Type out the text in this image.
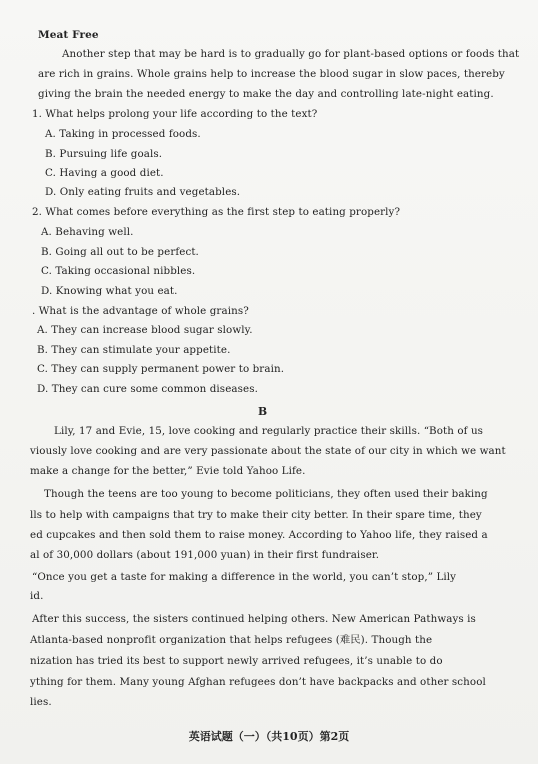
Meat Free
Another step that may be hard is to gradually go for plant-based options or foods that
are rich in grains. Whole grains help to increase the blood sugar in slow paces, thereby
giving the brain the needed energy to make the day and controlling late-night eating.
1. What helps prolong your life according to the text?
A. Taking in processed foods.
B. Pursuing life goals.
C. Having a good diet.
D. Only eating fruits and vegetables.
2. What comes before everything as the first step to eating properly?
A. Behaving well.
B. Going all out to be perfect.
C. Taking occasional nibbles.
D. Knowing what you eat.
. What is the advantage of whole grains?
A. They can increase blood sugar slowly.
B. They can stimulate your appetite.
C. They can supply permanent power to brain.
D. They can cure some common diseases.
B
Lily, 17 and Evie, 15, love cooking and regularly practice their skills. “Both of us
viously love cooking and are very passionate about the state of our city in which we want
make a change for the better,” Evie told Yahoo Life.
Though the teens are too young to become politicians, they often used their baking
lls to help with campaigns that try to make their city better. In their spare time, they
ed cupcakes and then sold them to raise money. According to Yahoo life, they raised a
al of 30,000 dollars (about 191,000 yuan) in their first fundraiser.
“Once you get a taste for making a difference in the world, you can’t stop,” Lily
id.
After this success, the sisters continued helping others. New American Pathways is
Atlanta-based nonprofit organization that helps refugees (难民). Though the
nization has tried its best to support newly arrived refugees, it’s unable to do
ything for them. Many young Afghan refugees don’t have backpacks and other school
lies.
英语试题（一）（共10页）第2页
